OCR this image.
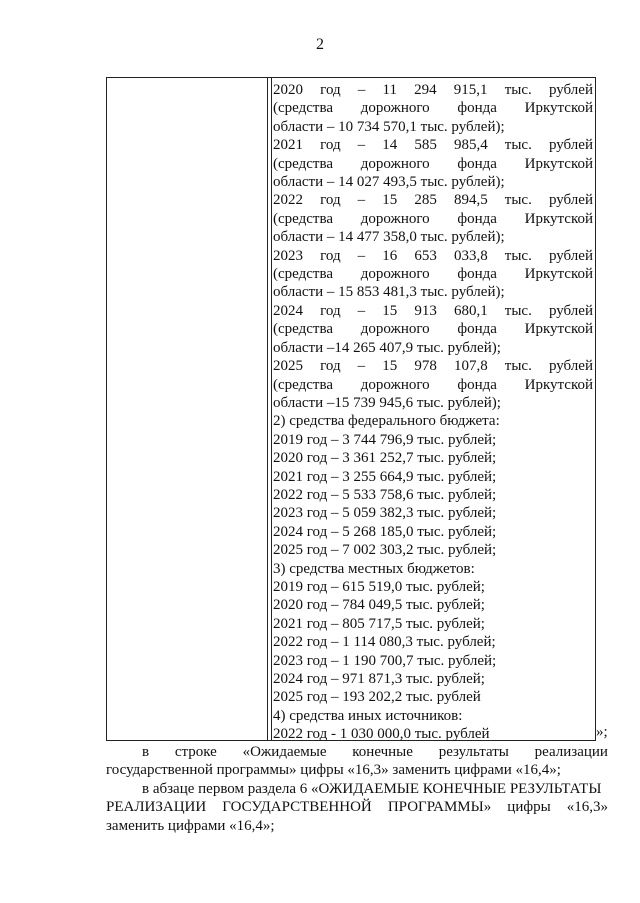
2
2020 год – 11 294 915,1 тыс. рублей
(средства дорожного фонда Иркутской
области – 10 734 570,1 тыс. рублей);
2021 год – 14 585 985,4 тыс. рублей
(средства дорожного фонда Иркутской
области – 14 027 493,5 тыс. рублей);
2022 год – 15 285 894,5 тыс. рублей
(средства дорожного фонда Иркутской
области – 14 477 358,0 тыс. рублей);
2023 год – 16 653 033,8 тыс. рублей
(средства дорожного фонда Иркутской
области – 15 853 481,3 тыс. рублей);
2024 год – 15 913 680,1 тыс. рублей
(средства дорожного фонда Иркутской
области –14 265 407,9 тыс. рублей);
2025 год – 15 978 107,8 тыс. рублей
(средства дорожного фонда Иркутской
области –15 739 945,6 тыс. рублей);
2) средства федерального бюджета:
2019 год – 3 744 796,9 тыс. рублей;
2020 год – 3 361 252,7 тыс. рублей;
2021 год – 3 255 664,9 тыс. рублей;
2022 год – 5 533 758,6 тыс. рублей;
2023 год – 5 059 382,3 тыс. рублей;
2024 год – 5 268 185,0 тыс. рублей;
2025 год – 7 002 303,2 тыс. рублей;
3) средства местных бюджетов:
2019 год – 615 519,0 тыс. рублей;
2020 год – 784 049,5 тыс. рублей;
2021 год – 805 717,5 тыс. рублей;
2022 год – 1 114 080,3 тыс. рублей;
2023 год – 1 190 700,7 тыс. рублей;
2024 год – 971 871,3 тыс. рублей;
2025 год – 193 202,2 тыс. рублей
4) средства иных источников:
2022 год - 1 030 000,0 тыс. рублей	»;
в строке «Ожидаемые конечные результаты реализации
государственной программы» цифры «16,3» заменить цифрами «16,4»;
в абзаце первом раздела 6 «ОЖИДАЕМЫЕ КОНЕЧНЫЕ РЕЗУЛЬТАТЫ
РЕАЛИЗАЦИИ ГОСУДАРСТВЕННОЙ ПРОГРАММЫ» цифры «16,3»
заменить цифрами «16,4»;
